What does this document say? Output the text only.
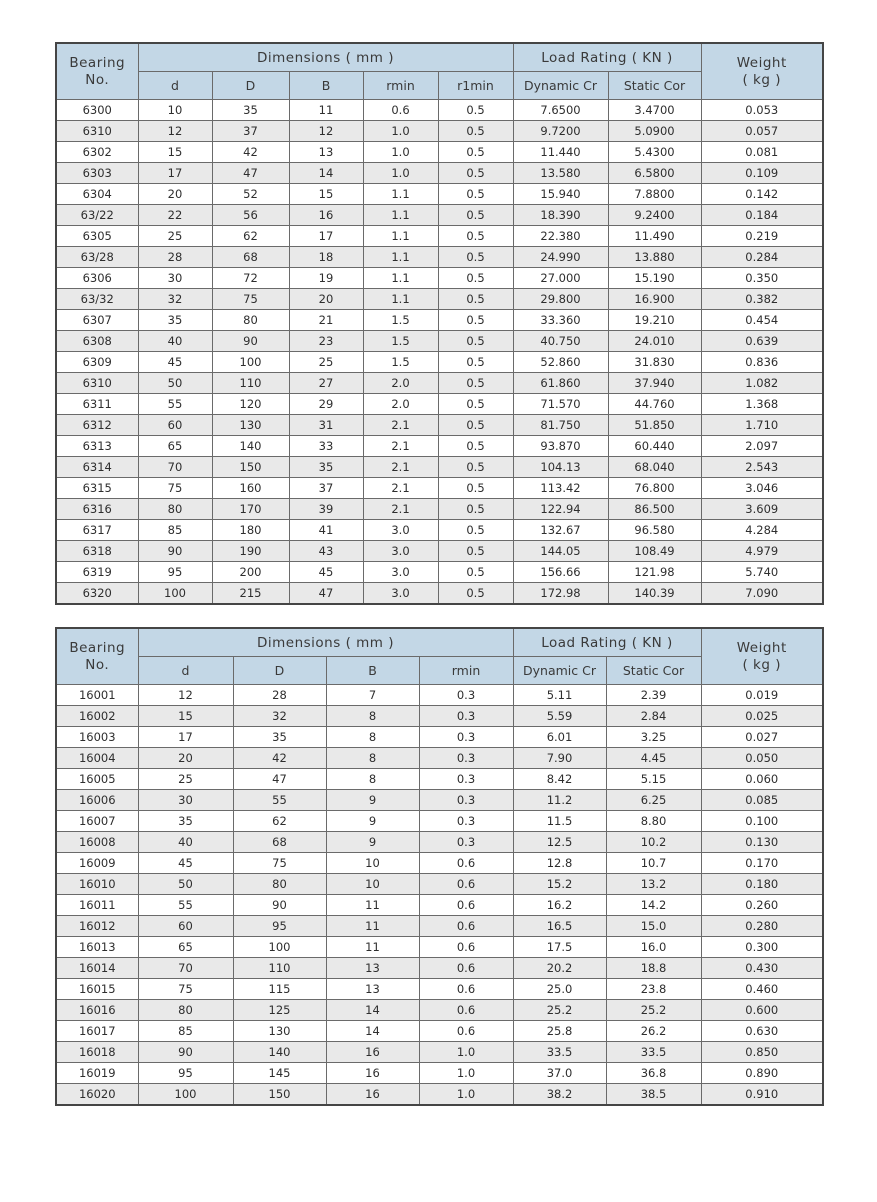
Bearing
No.
	Dimensions ( mm )	Load Rating ( KN )	Weight
( kg )

	d	D	B	rmin	r1min	Dynamic Cr	Static Cor	
6300	10	35	11	0.6	0.5	7.6500	3.4700	0.053
6310	12	37	12	1.0	0.5	9.7200	5.0900	0.057
6302	15	42	13	1.0	0.5	11.440	5.4300	0.081
6303	17	47	14	1.0	0.5	13.580	6.5800	0.109
6304	20	52	15	1.1	0.5	15.940	7.8800	0.142
63/22	22	56	16	1.1	0.5	18.390	9.2400	0.184
6305	25	62	17	1.1	0.5	22.380	11.490	0.219
63/28	28	68	18	1.1	0.5	24.990	13.880	0.284
6306	30	72	19	1.1	0.5	27.000	15.190	0.350
63/32	32	75	20	1.1	0.5	29.800	16.900	0.382
6307	35	80	21	1.5	0.5	33.360	19.210	0.454
6308	40	90	23	1.5	0.5	40.750	24.010	0.639
6309	45	100	25	1.5	0.5	52.860	31.830	0.836
6310	50	110	27	2.0	0.5	61.860	37.940	1.082
6311	55	120	29	2.0	0.5	71.570	44.760	1.368
6312	60	130	31	2.1	0.5	81.750	51.850	1.710
6313	65	140	33	2.1	0.5	93.870	60.440	2.097
6314	70	150	35	2.1	0.5	104.13	68.040	2.543
6315	75	160	37	2.1	0.5	113.42	76.800	3.046
6316	80	170	39	2.1	0.5	122.94	86.500	3.609
6317	85	180	41	3.0	0.5	132.67	96.580	4.284
6318	90	190	43	3.0	0.5	144.05	108.49	4.979
6319	95	200	45	3.0	0.5	156.66	121.98	5.740
6320	100	215	47	3.0	0.5	172.98	140.39	7.090
Bearing
No.
	Dimensions ( mm )	Load Rating ( KN )	Weight
( kg )

	d	D	B	rmin	Dynamic Cr	Static Cor	
16001	12	28	7	0.3	5.11	2.39	0.019
16002	15	32	8	0.3	5.59	2.84	0.025
16003	17	35	8	0.3	6.01	3.25	0.027
16004	20	42	8	0.3	7.90	4.45	0.050
16005	25	47	8	0.3	8.42	5.15	0.060
16006	30	55	9	0.3	11.2	6.25	0.085
16007	35	62	9	0.3	11.5	8.80	0.100
16008	40	68	9	0.3	12.5	10.2	0.130
16009	45	75	10	0.6	12.8	10.7	0.170
16010	50	80	10	0.6	15.2	13.2	0.180
16011	55	90	11	0.6	16.2	14.2	0.260
16012	60	95	11	0.6	16.5	15.0	0.280
16013	65	100	11	0.6	17.5	16.0	0.300
16014	70	110	13	0.6	20.2	18.8	0.430
16015	75	115	13	0.6	25.0	23.8	0.460
16016	80	125	14	0.6	25.2	25.2	0.600
16017	85	130	14	0.6	25.8	26.2	0.630
16018	90	140	16	1.0	33.5	33.5	0.850
16019	95	145	16	1.0	37.0	36.8	0.890
16020	100	150	16	1.0	38.2	38.5	0.910
